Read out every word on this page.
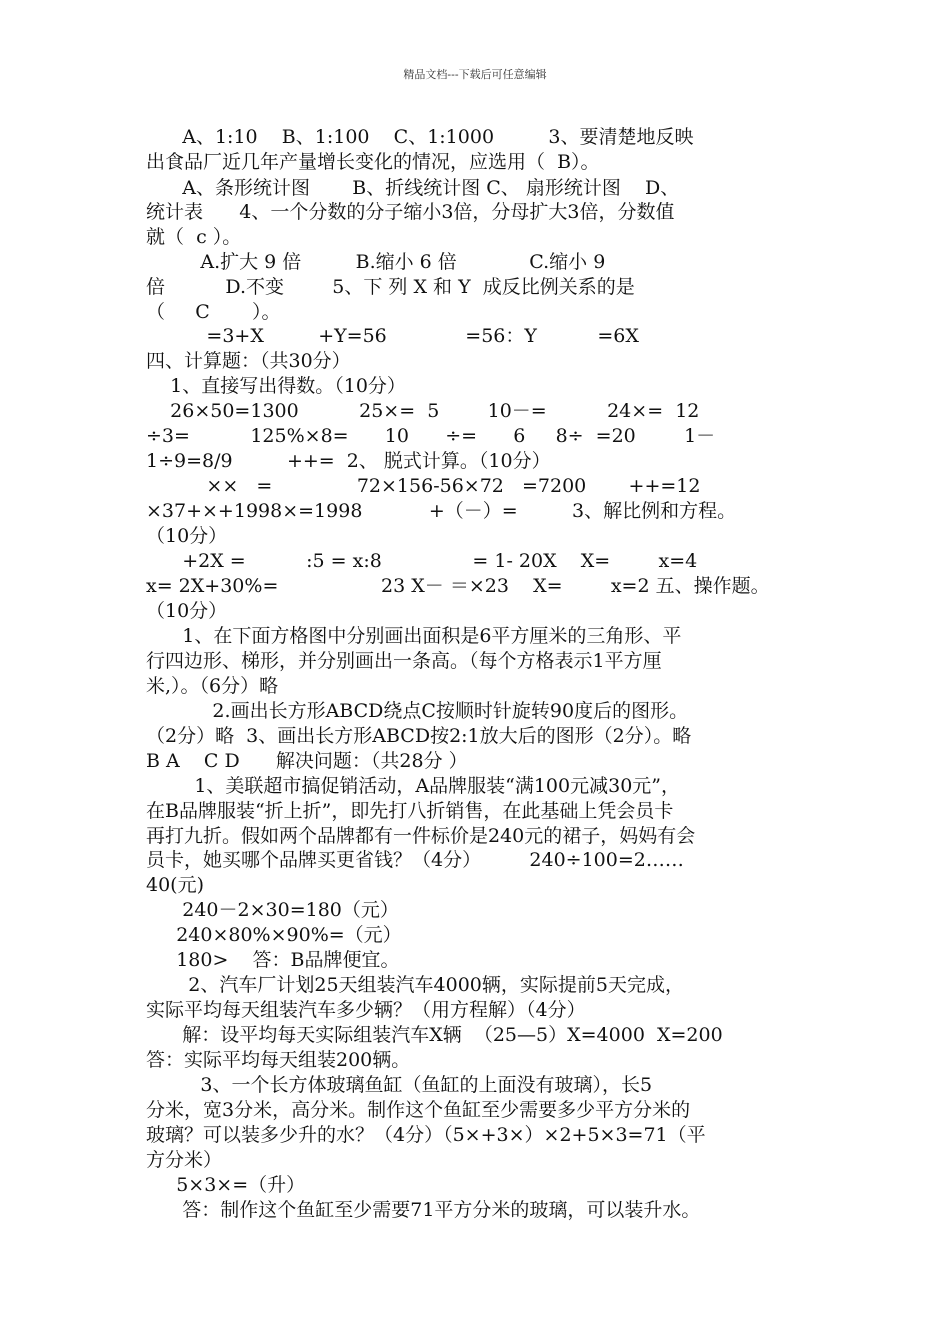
精品文档---下载后可任意编辑
A、1:10    B、1:100    C、1:1000         3、要清楚地反映
出食品厂近几年产量增长变化的情况，应选用（  B）。
A、条形统计图       B、折线统计图 C、 扇形统计图    D、
统计表      4、一个分数的分子缩小3倍，分母扩大3倍，分数值
就（  c ）。
A.扩大 9 倍         B.缩小 6 倍            C.缩小 9
倍          D.不变        5、下 列 X 和 Y  成反比例关系的是
（     C       ）。
=3+X         +Y=56             =56：Y          =6X
四、计算题：（共30分）
1、直接写出得数。（10分）
26×50=1300          25×=  5        10－=          24×=  12
÷3=          125%×8=      10      ÷=      6     8÷  =20        1－
1÷9=8/9         ++=  2、 脱式计算。（10分）
××   =              72×156-56×72   =7200       ++=12
×37+×+1998×=1998           +（－）=         3、解比例和方程。
（10分）
+2X =          :5 = x:8               = 1- 20X    X=        x=4
x= 2X+30%=                 23 X－ ＝×23    X=        x=2 五、操作题。
（10分）
1、在下面方格图中分别画出面积是6平方厘米的三角形、平
行四边形、梯形，并分别画出一条高。（每个方格表示1平方厘
米,）。（6分）略
2.画出长方形ABCD绕点C按顺时针旋转90度后的图形。
（2分）略  3、画出长方形ABCD按2:1放大后的图形（2分）。略
B A    C D      解决问题：（共28分 ）
1、美联超市搞促销活动，A品牌服装“满100元减30元”，
在B品牌服装“折上折”，即先打八折销售，在此基础上凭会员卡
再打九折。假如两个品牌都有一件标价是240元的裙子，妈妈有会
员卡，她买哪个品牌买更省钱？（4分）        240÷100=2……
40(元)
240－2×30=180（元）
240×80%×90%=（元）
180>    答：B品牌便宜。
2、汽车厂计划25天组装汽车4000辆，实际提前5天完成，
实际平均每天组装汽车多少辆？（用方程解）（4分）
解：设平均每天实际组装汽车X辆  （25—5）X=4000  X=200
答：实际平均每天组装200辆。
3、一个长方体玻璃鱼缸（鱼缸的上面没有玻璃），长5
分米，宽3分米，高分米。制作这个鱼缸至少需要多少平方分米的
玻璃？可以装多少升的水？（4分）（5×+3×）×2+5×3=71（平
方分米）
5×3×=（升）
答：制作这个鱼缸至少需要71平方分米的玻璃，可以装升水。
